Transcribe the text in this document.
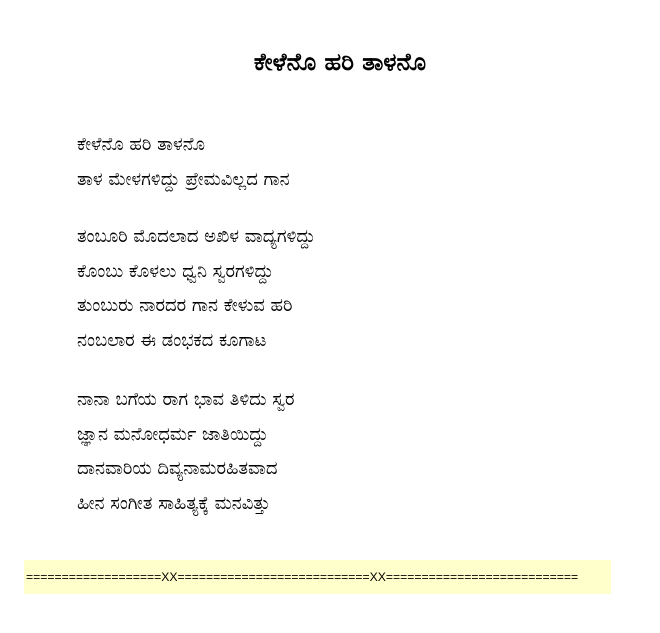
ಕೇಳೆನೊ ಹರಿ ತಾಳನೊ
ಕೇಳೆನೊ ಹರಿ ತಾಳನೊ
ತಾಳ ಮೇಳಗಳಿದ್ದು ಪ್ರೇಮವಿಲ್ಲದ ಗಾನ
ತಂಬೂರಿ ಮೊದಲಾದ ಅಖಿಳ ವಾದ್ಯಗಳಿದ್ದು
ಕೊಂಬು ಕೊಳಲು ಧ್ವನಿ ಸ್ವರಗಳಿದ್ದು
ತುಂಬುರು ನಾರದರ ಗಾನ ಕೇಳುವ ಹರಿ
ನಂಬಲಾರ ಈ ಡಂಭಕದ ಕೂಗಾಟ
ನಾನಾ ಬಗೆಯ ರಾಗ ಭಾವ ತಿಳಿದು ಸ್ವರ
ಜ್ಞಾನ ಮನೋಧರ್ಮ ಜಾತಿಯಿದ್ದು
ದಾನವಾರಿಯ ದಿವ್ಯನಾಮರಹಿತವಾದ
ಹೀನ ಸಂಗೀತ ಸಾಹಿತ್ಯಕ್ಕೆ ಮನವಿತ್ತು
===================XX===========================XX===========================
